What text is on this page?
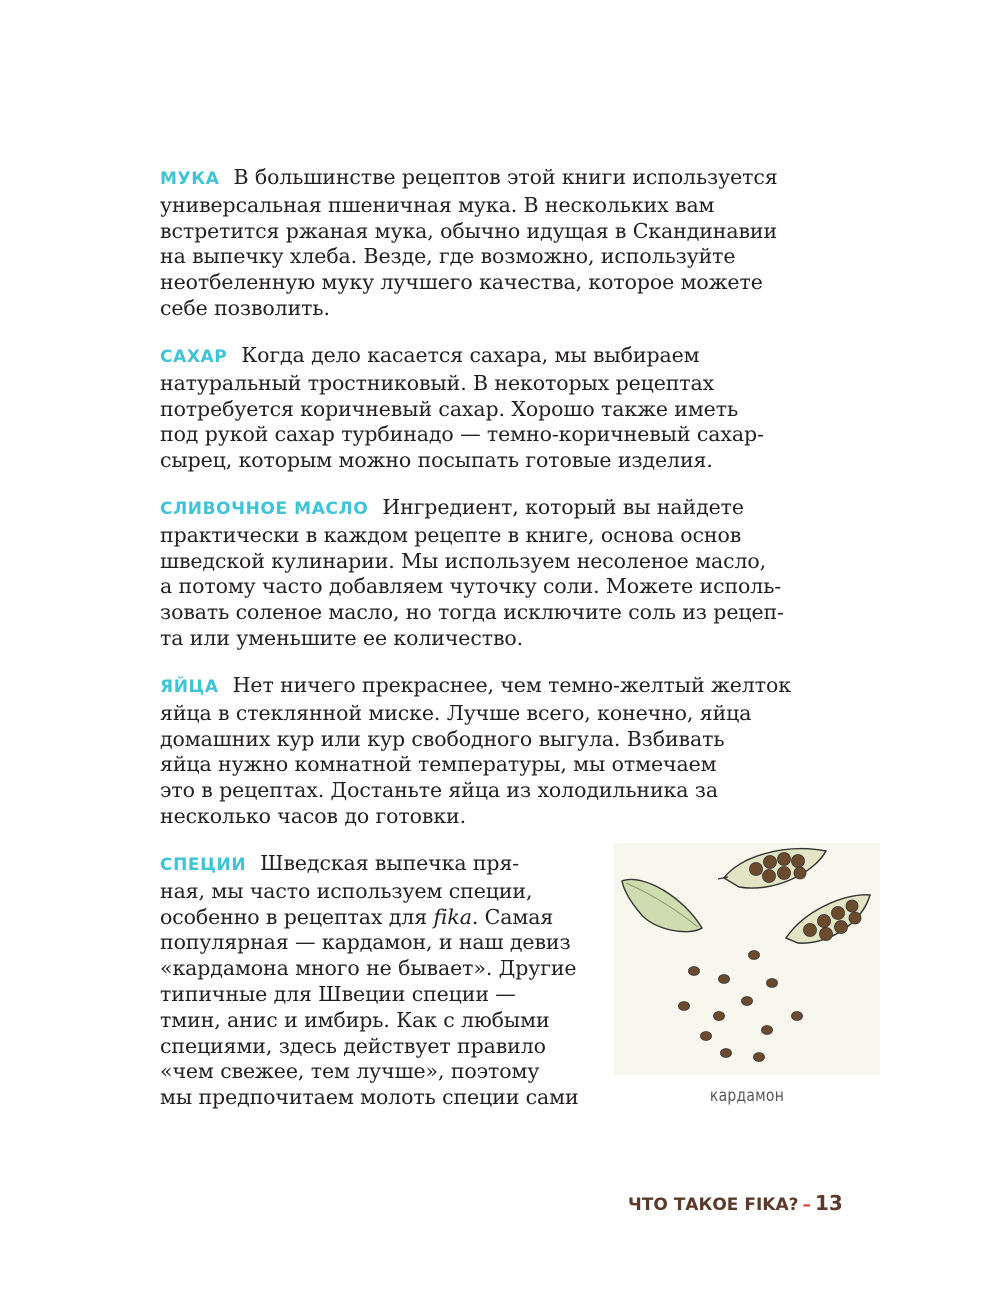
МУКА В большинстве рецептов этой книги используется
универсальная пшеничная мука. В нескольких вам
встретится ржаная мука, обычно идущая в Скандинавии
на выпечку хлеба. Везде, где возможно, используйте
неотбеленную муку лучшего качества, которое можете
себе позволить.

САХАР Когда дело касается сахара, мы выбираем
натуральный тростниковый. В некоторых рецептах
потребуется коричневый сахар. Хорошо также иметь
под рукой сахар турбинадо — темно-коричневый сахар-
сырец, которым можно посыпать готовые изделия.

СЛИВОЧНОЕ МАСЛО Ингредиент, который вы найдете
практически в каждом рецепте в книге, основа основ
шведской кулинарии. Мы используем несоленое масло,
а потому часто добавляем чуточку соли. Можете исполь-
зовать соленое масло, но тогда исключите соль из рецеп-
та или уменьшите ее количество.

ЯЙЦА Нет ничего прекраснее, чем темно-желтый желток
яйца в стеклянной миске. Лучше всего, конечно, яйца
домашних кур или кур свободного выгула. Взбивать
яйца нужно комнатной температуры, мы отмечаем
это в рецептах. Достаньте яйца из холодильника за
несколько часов до готовки.

СПЕЦИИ Шведская выпечка пря-
ная, мы часто используем специи,
особенно в рецептах для fika. Самая
популярная — кардамон, и наш девиз
«кардамона много не бывает». Другие
типичные для Швеции специи —
тмин, анис и имбирь. Как с любыми
специями, здесь действует правило
«чем свежее, тем лучше», поэтому
мы предпочитаем молоть специи сами	кардамон
ЧТО ТАКОЕ FIKA? – 13
